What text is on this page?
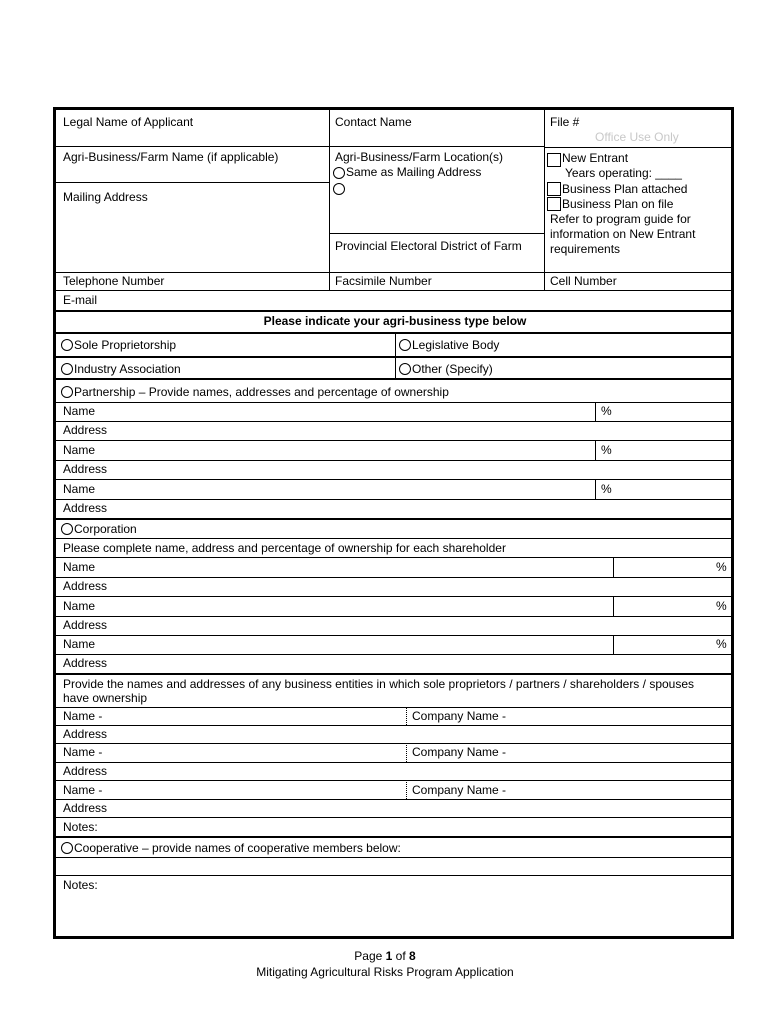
Legal Name of Applicant	Contact Name	File #
Office Use Only
Agri-Business/Farm Name (if applicable)
Mailing Address
Agri-Business/Farm Location(s)
Same as Mailing Address
Provincial Electoral District of Farm
New Entrant
Years operating: ____
Business Plan attached
Business Plan on file
Refer to program guide for
information on New Entrant
requirements
Telephone Number	Facsimile Number	Cell Number
E-mail
Please indicate your agri-business type below
Sole Proprietorship	Legislative Body
Industry Association	Other (Specify)
Partnership – Provide names, addresses and percentage of ownership
Name	%
Address
Name	%
Address
Name	%
Address
Corporation
Please complete name, address and percentage of ownership for each shareholder
Name	%
Address
Name	%
Address
Name	%
Address
Provide the names and addresses of any business entities in which sole proprietors / partners / shareholders / spouses
have ownership
Name -	Company Name -
Address
Name -	Company Name -
Address
Name -	Company Name -
Address
Notes:
Cooperative – provide names of cooperative members below:
Notes:
Page 1 of 8
Mitigating Agricultural Risks Program Application
